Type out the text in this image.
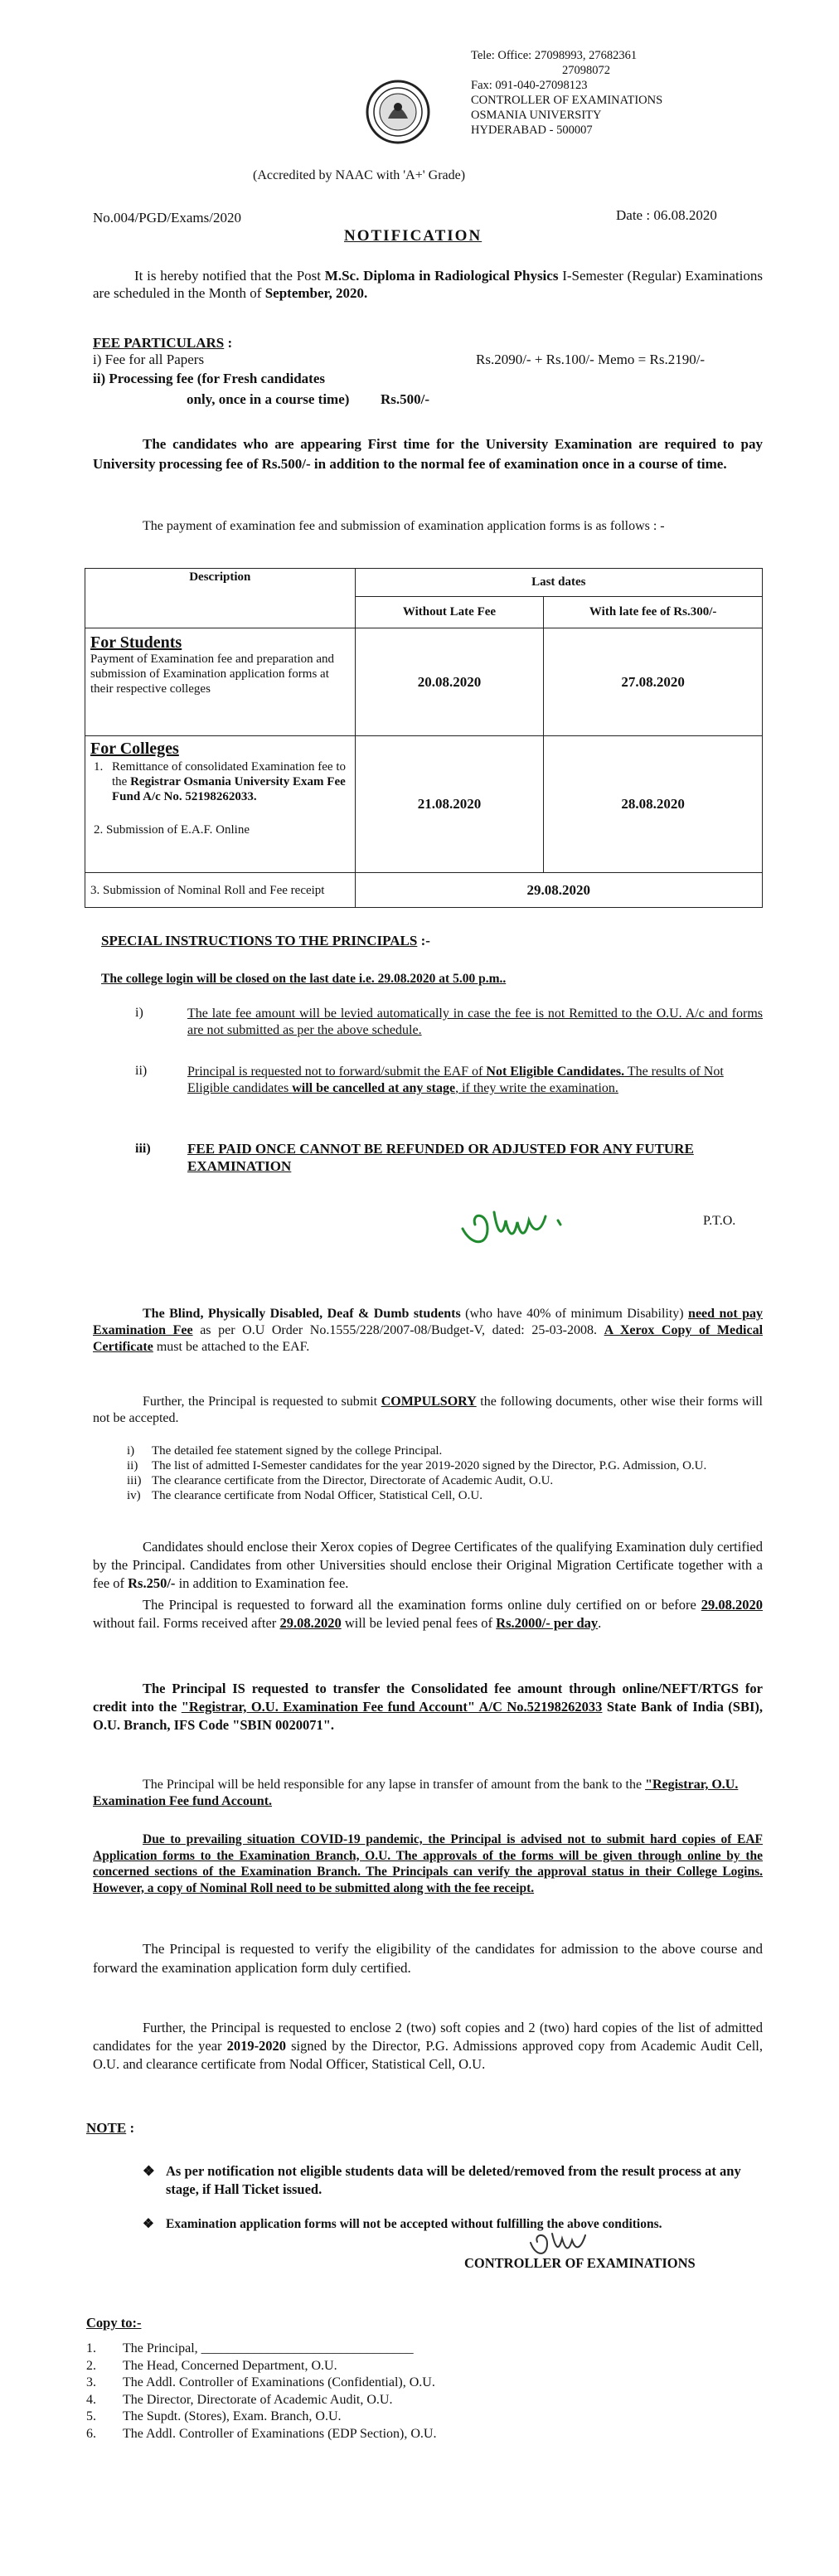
Tele: Office: 27098993, 27682361
27098072
Fax: 091-040-27098123
CONTROLLER OF EXAMINATIONS
OSMANIA UNIVERSITY
HYDERABAD - 500007
(Accredited by NAAC with 'A+' Grade)
No.004/PGD/Exams/2020	Date : 06.08.2020
NOTIFICATION
It is hereby notified that the Post M.Sc. Diploma in Radiological Physics I-Semester (Regular) Examinations are scheduled in the Month of September, 2020.
FEE PARTICULARS :
i) Fee for all Papers	Rs.2090/- + Rs.100/- Memo = Rs.2190/-
ii) Processing fee (for Fresh candidates
only, once in a course time) Rs.500/-
The candidates who are appearing First time for the University Examination are required to pay University processing fee of Rs.500/- in addition to the normal fee of examination once in a course of time.
The payment of examination fee and submission of examination application forms is as follows : -
Description	Last dates	
	Without Late Fee	With late fee of Rs.300/-

For Students
Payment of Examination fee and preparation and submission of Examination application forms at their respective colleges	20.08.2020	27.08.2020

For Colleges
1. Remittance of consolidated Examination fee to the Registrar Osmania University Exam Fee Fund A/c No. 52198262033.
2. Submission of E.A.F. Online	21.08.2020	28.08.2020
3. Submission of Nominal Roll and Fee receipt	29.08.2020	
SPECIAL INSTRUCTIONS TO THE PRINCIPALS :-
The college login will be closed on the last date i.e. 29.08.2020 at 5.00 p.m..
i)	The late fee amount will be levied automatically in case the fee is not Remitted to the O.U. A/c and forms are not submitted as per the above schedule.
ii)	Principal is requested not to forward/submit the EAF of Not Eligible Candidates. The results of Not Eligible candidates will be cancelled at any stage, if they write the examination.
iii)	FEE PAID ONCE CANNOT BE REFUNDED OR ADJUSTED FOR ANY FUTURE EXAMINATION
P.T.O.
The Blind, Physically Disabled, Deaf & Dumb students (who have 40% of minimum Disability) need not pay Examination Fee as per O.U Order No.1555/228/2007-08/Budget-V, dated: 25-03-2008. A Xerox Copy of Medical Certificate must be attached to the EAF.
Further, the Principal is requested to submit COMPULSORY the following documents, other wise their forms will not be accepted.
i)	The detailed fee statement signed by the college Principal.
ii)	The list of admitted I-Semester candidates for the year 2019-2020 signed by the Director, P.G. Admission, O.U.
iii) The clearance certificate from the Director, Directorate of Academic Audit, O.U.
iv) The clearance certificate from Nodal Officer, Statistical Cell, O.U.
Candidates should enclose their Xerox copies of Degree Certificates of the qualifying Examination duly certified by the Principal. Candidates from other Universities should enclose their Original Migration Certificate together with a fee of Rs.250/- in addition to Examination fee.
The Principal is requested to forward all the examination forms online duly certified on or before 29.08.2020 without fail. Forms received after 29.08.2020 will be levied penal fees of Rs.2000/- per day.
The Principal IS requested to transfer the Consolidated fee amount through online/NEFT/RTGS for credit into the "Registrar, O.U. Examination Fee fund Account" A/C No.52198262033 State Bank of India (SBI), O.U. Branch, IFS Code "SBIN 0020071".
The Principal will be held responsible for any lapse in transfer of amount from the bank to the "Registrar, O.U. Examination Fee fund Account.
Due to prevailing situation COVID-19 pandemic, the Principal is advised not to submit hard copies of EAF Application forms to the Examination Branch, O.U. The approvals of the forms will be given through online by the concerned sections of the Examination Branch. The Principals can verify the approval status in their College Logins. However, a copy of Nominal Roll need to be submitted along with the fee receipt.
The Principal is requested to verify the eligibility of the candidates for admission to the above course and forward the examination application form duly certified.
Further, the Principal is requested to enclose 2 (two) soft copies and 2 (two) hard copies of the list of admitted candidates for the year 2019-2020 signed by the Director, P.G. Admissions approved copy from Academic Audit Cell, O.U. and clearance certificate from Nodal Officer, Statistical Cell, O.U.
NOTE :
❖ As per notification not eligible students data will be deleted/removed from the result process at any stage, if Hall Ticket issued.
❖ Examination application forms will not be accepted without fulfilling the above conditions.
CONTROLLER OF EXAMINATIONS
Copy to:-
1.	The Principal, ________________________________
2.	The Head, Concerned Department, O.U.
3.	The Addl. Controller of Examinations (Confidential), O.U.
4.	The Director, Directorate of Academic Audit, O.U.
5.	The Supdt. (Stores), Exam. Branch, O.U.
6.	The Addl. Controller of Examinations (EDP Section), O.U.
